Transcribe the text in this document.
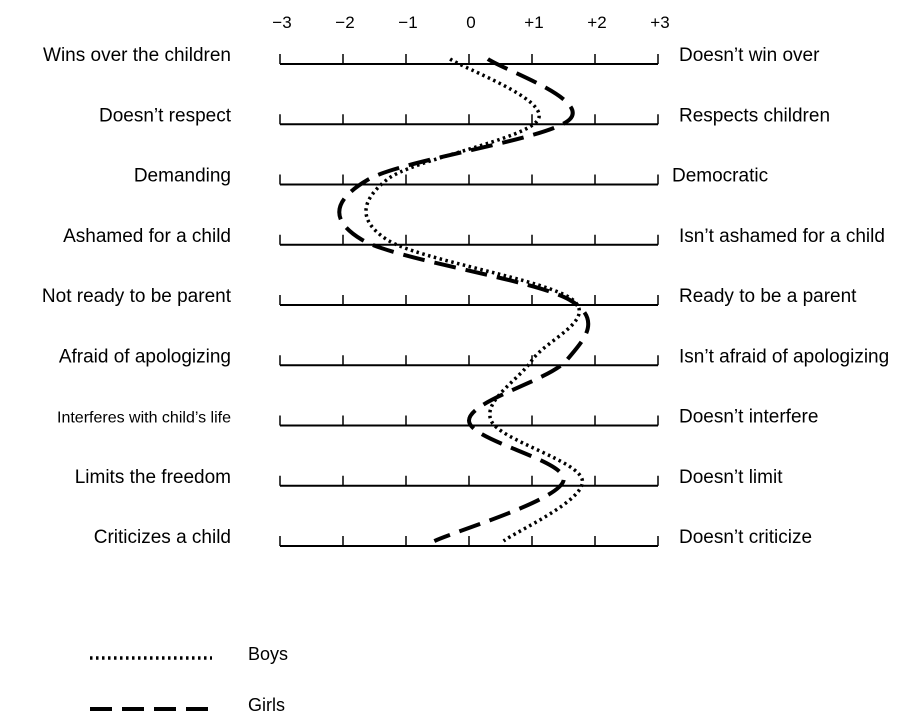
−3	−2	−1	0	+1	+2	+3
Wins over the children	Doesn’t win over
Doesn’t respect	Respects children
Demanding	Democratic
Ashamed for a child	Isn’t ashamed for a child
Not ready to be parent	Ready to be a parent
Afraid of apologizing	Isn’t afraid of apologizing
Interferes with child’s life	Doesn’t interfere
Limits the freedom	Doesn’t limit
Criticizes a child	Doesn’t criticize
Boys
Girls
